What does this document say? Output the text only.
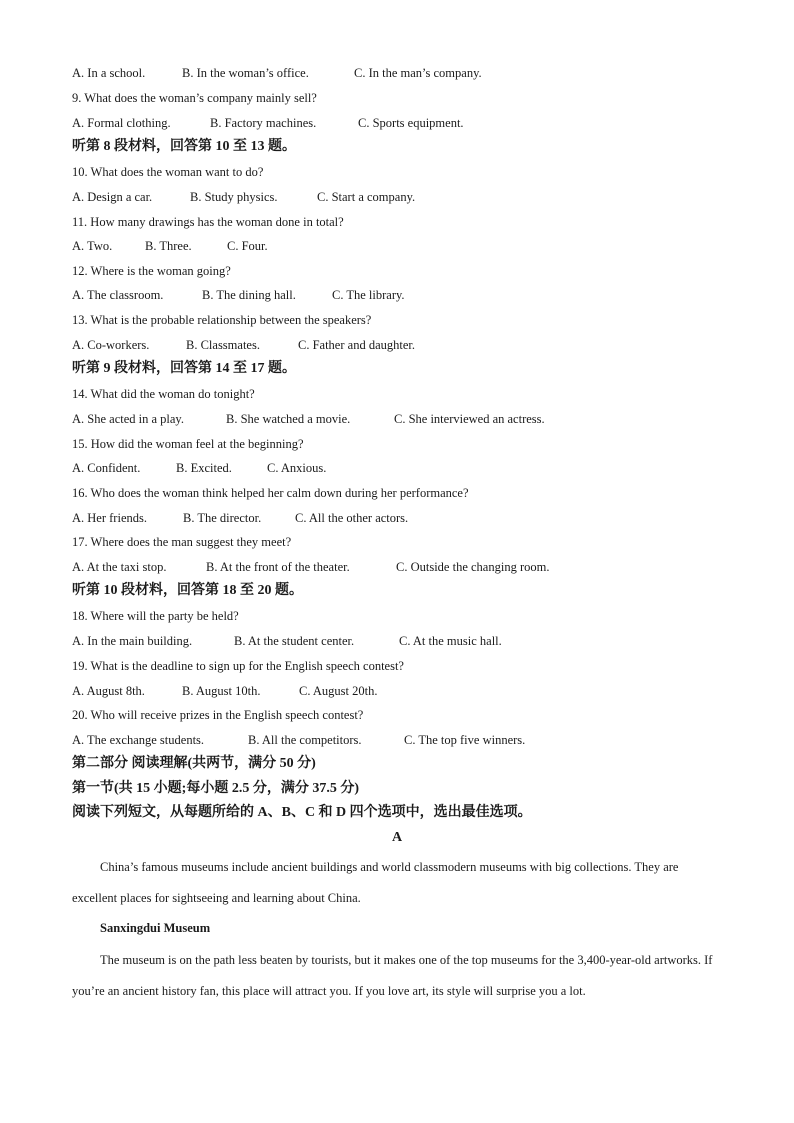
A. In a school.	B. In the woman’s office.	C. In the man’s company.
9. What does the woman’s company mainly sell?
A. Formal clothing.	B. Factory machines.	C. Sports equipment.
听第 8 段材料，回答第 10 至 13 题。
10. What does the woman want to do?
A. Design a car.	B. Study physics.	C. Start a company.
11. How many drawings has the woman done in total?
A. Two.	B. Three.	C. Four.
12. Where is the woman going?
A. The classroom.	B. The dining hall.	C. The library.
13. What is the probable relationship between the speakers?
A. Co-workers.	B. Classmates.	C. Father and daughter.
听第 9 段材料，回答第 14 至 17 题。
14. What did the woman do tonight?
A. She acted in a play.	B. She watched a movie.	C. She interviewed an actress.
15. How did the woman feel at the beginning?
A. Confident.	B. Excited.	C. Anxious.
16. Who does the woman think helped her calm down during her performance?
A. Her friends.	B. The director.	C. All the other actors.
17. Where does the man suggest they meet?
A. At the taxi stop.	B. At the front of the theater.	C. Outside the changing room.
听第 10 段材料，回答第 18 至 20 题。
18. Where will the party be held?
A. In the main building.	B. At the student center.	C. At the music hall.
19. What is the deadline to sign up for the English speech contest?
A. August 8th.	B. August 10th.	C. August 20th.
20. Who will receive prizes in the English speech contest?
A. The exchange students.	B. All the competitors.	C. The top five winners.
第二部分 阅读理解(共两节，满分 50 分)
第一节(共 15 小题;每小题 2.5 分，满分 37.5 分)
阅读下列短文，从每题所给的 A、B、C 和 D 四个选项中，选出最佳选项。
A
China’s famous museums include ancient buildings and world classmodern museums with big collections. They are excellent places for sightseeing and learning about China.
Sanxingdui Museum
The museum is on the path less beaten by tourists, but it makes one of the top museums for the 3,400-year-old artworks. If you’re an ancient history fan, this place will attract you. If you love art, its style will surprise you a lot.
